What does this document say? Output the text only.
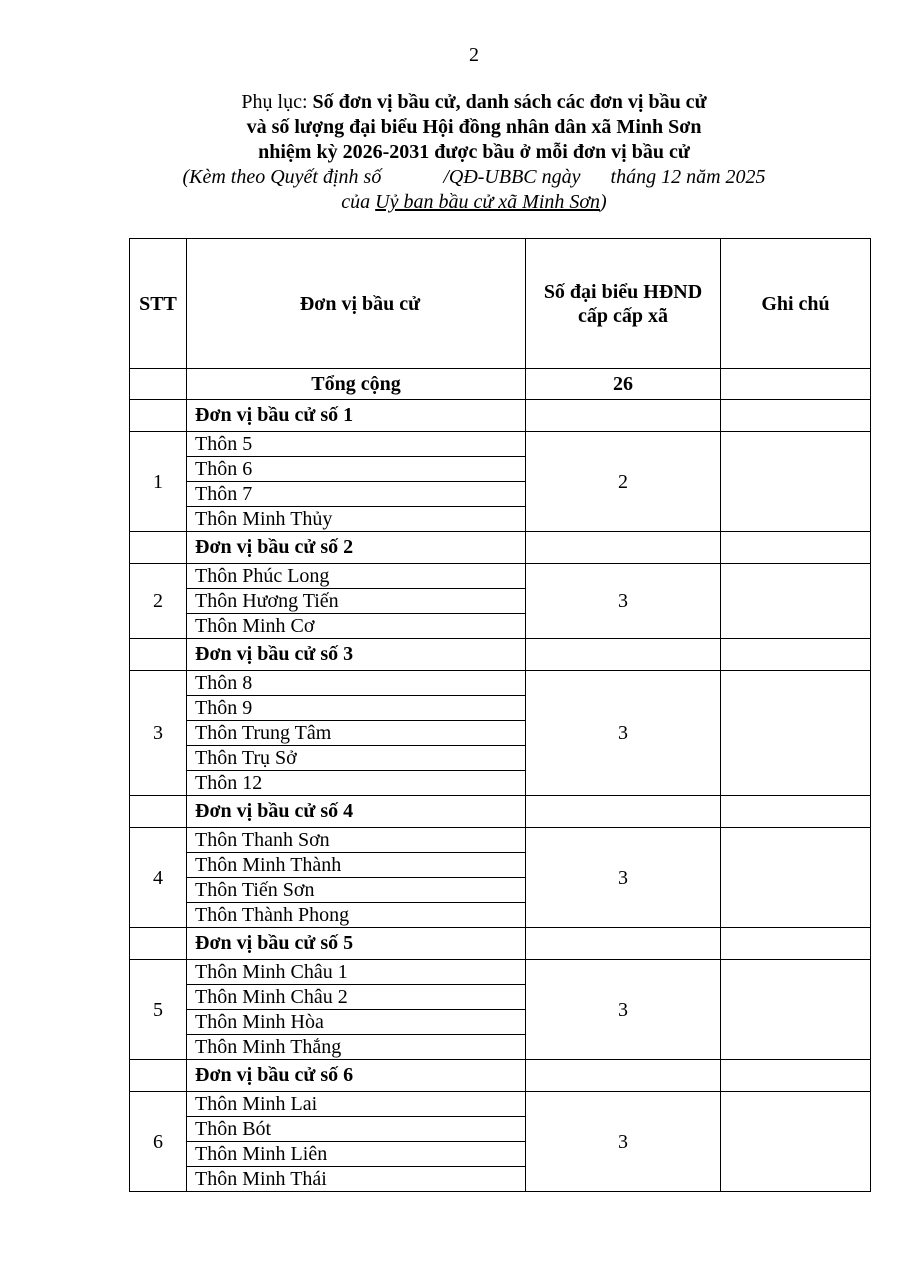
2
Phụ lục: Số đơn vị bầu cử, danh sách các đơn vị bầu cử
và số lượng đại biểu Hội đồng nhân dân xã Minh Sơn
nhiệm kỳ 2026-2031 được bầu ở mỗi đơn vị bầu cử
(Kèm theo Quyết định số	/QĐ-UBBC ngày tháng 12 năm 2025
của Uỷ ban bầu cử xã Minh Sơn)
STT	Đơn vị bầu cử	Số đại biểu HĐND
cấp cấp xã	Ghi chú
	Tổng cộng	26	
	Đơn vị bầu cử số 1		
1	Thôn 5	2	
	Thôn 6		
	Thôn 7		
	Thôn Minh Thủy		
	Đơn vị bầu cử số 2		
2	Thôn Phúc Long	3	
	Thôn Hương Tiến		
	Thôn Minh Cơ		
	Đơn vị bầu cử số 3		
3	Thôn 8	3	
	Thôn 9		
	Thôn Trung Tâm		
	Thôn Trụ Sở		
	Thôn 12		
	Đơn vị bầu cử số 4		
4	Thôn Thanh Sơn	3	
	Thôn Minh Thành		
	Thôn Tiến Sơn		
	Thôn Thành Phong		
	Đơn vị bầu cử số 5		
5	Thôn Minh Châu 1	3	
	Thôn Minh Châu 2		
	Thôn Minh Hòa		
	Thôn Minh Thắng		
	Đơn vị bầu cử số 6		
6	Thôn Minh Lai	3	
	Thôn Bót		
	Thôn Minh Liên		
	Thôn Minh Thái		
